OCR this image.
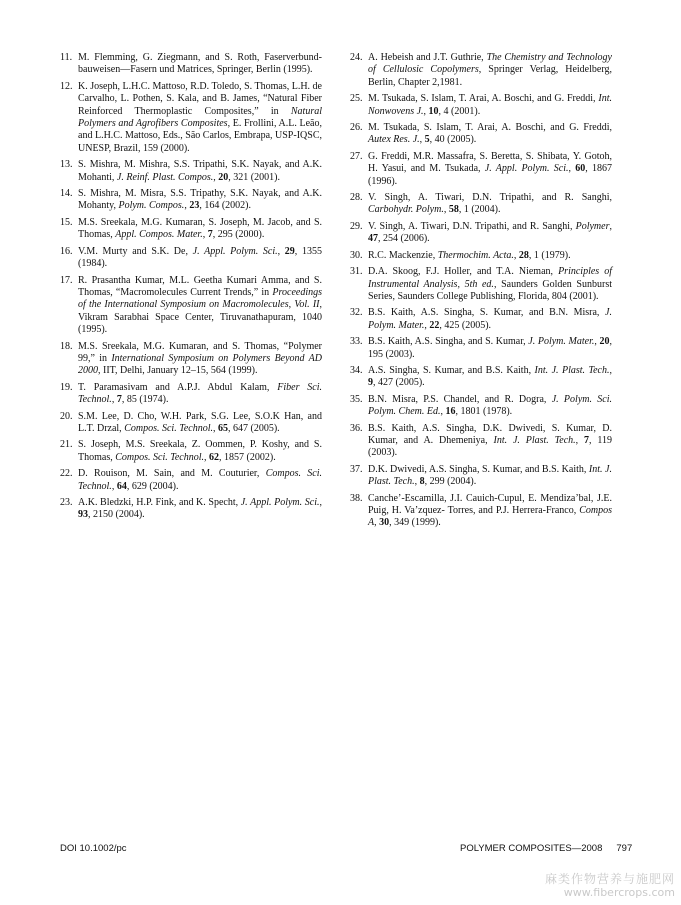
11. M. Flemming, G. Ziegmann, and S. Roth, Faserverbund-bauweisen—Fasern und Matrices, Springer, Berlin (1995).
12. K. Joseph, L.H.C. Mattoso, R.D. Toledo, S. Thomas, L.H. de Carvalho, L. Pothen, S. Kala, and B. James, “Natural Fiber Reinforced Thermoplastic Composites,” in Natural Polymers and Agrofibers Composites, E. Frollini, A.L. Leão, and L.H.C. Mattoso, Eds., São Carlos, Embrapa, USP-IQSC, UNESP, Brazil, 159 (2000).
13. S. Mishra, M. Mishra, S.S. Tripathi, S.K. Nayak, and A.K. Mohanti, J. Reinf. Plast. Compos., 20, 321 (2001).
14. S. Mishra, M. Misra, S.S. Tripathy, S.K. Nayak, and A.K. Mohanty, Polym. Compos., 23, 164 (2002).
15. M.S. Sreekala, M.G. Kumaran, S. Joseph, M. Jacob, and S. Thomas, Appl. Compos. Mater., 7, 295 (2000).
16. V.M. Murty and S.K. De, J. Appl. Polym. Sci., 29, 1355 (1984).
17. R. Prasantha Kumar, M.L. Geetha Kumari Amma, and S. Thomas, “Macromolecules Current Trends,” in Proceedings of the International Symposium on Macromolecules, Vol. II, Vikram Sarabhai Space Center, Tiruvanathapuram, 1040 (1995).
18. M.S. Sreekala, M.G. Kumaran, and S. Thomas, “Polymer 99,” in International Symposium on Polymers Beyond AD 2000, IIT, Delhi, January 12–15, 564 (1999).
19. T. Paramasivam and A.P.J. Abdul Kalam, Fiber Sci. Technol., 7, 85 (1974).
20. S.M. Lee, D. Cho, W.H. Park, S.G. Lee, S.O.K Han, and L.T. Drzal, Compos. Sci. Technol., 65, 647 (2005).
21. S. Joseph, M.S. Sreekala, Z. Oommen, P. Koshy, and S. Thomas, Compos. Sci. Technol., 62, 1857 (2002).
22. D. Rouison, M. Sain, and M. Couturier, Compos. Sci. Technol., 64, 629 (2004).
23. A.K. Bledzki, H.P. Fink, and K. Specht, J. Appl. Polym. Sci., 93, 2150 (2004).
24. A. Hebeish and J.T. Guthrie, The Chemistry and Technology of Cellulosic Copolymers, Springer Verlag, Heidelberg, Berlin, Chapter 2,1981.
25. M. Tsukada, S. Islam, T. Arai, A. Boschi, and G. Freddi, Int. Nonwovens J., 10, 4 (2001).
26. M. Tsukada, S. Islam, T. Arai, A. Boschi, and G. Freddi, Autex Res. J., 5, 40 (2005).
27. G. Freddi, M.R. Massafra, S. Beretta, S. Shibata, Y. Gotoh, H. Yasui, and M. Tsukada, J. Appl. Polym. Sci., 60, 1867 (1996).
28. V. Singh, A. Tiwari, D.N. Tripathi, and R. Sanghi, Carbohydr. Polym., 58, 1 (2004).
29. V. Singh, A. Tiwari, D.N. Tripathi, and R. Sanghi, Polymer, 47, 254 (2006).
30. R.C. Mackenzie, Thermochim. Acta., 28, 1 (1979).
31. D.A. Skoog, F.J. Holler, and T.A. Nieman, Principles of Instrumental Analysis, 5th ed., Saunders Golden Sunburst Series, Saunders College Publishing, Florida, 804 (2001).
32. B.S. Kaith, A.S. Singha, S. Kumar, and B.N. Misra, J. Polym. Mater., 22, 425 (2005).
33. B.S. Kaith, A.S. Singha, and S. Kumar, J. Polym. Mater., 20, 195 (2003).
34. A.S. Singha, S. Kumar, and B.S. Kaith, Int. J. Plast. Tech., 9, 427 (2005).
35. B.N. Misra, P.S. Chandel, and R. Dogra, J. Polym. Sci. Polym. Chem. Ed., 16, 1801 (1978).
36. B.S. Kaith, A.S. Singha, D.K. Dwivedi, S. Kumar, D. Kumar, and A. Dhemeniya, Int. J. Plast. Tech., 7, 119 (2003).
37. D.K. Dwivedi, A.S. Singha, S. Kumar, and B.S. Kaith, Int. J. Plast. Tech., 8, 299 (2004).
38. Canche’-Escamilla, J.I. Cauich-Cupul, E. Mendiza’bal, J.E. Puig, H. Va’zquez- Torres, and P.J. Herrera-Franco, Compos A, 30, 349 (1999).
DOI 10.1002/pc	POLYMER COMPOSITES—2008 797
麻类作物营养与施肥网
www.fibercrops.com
